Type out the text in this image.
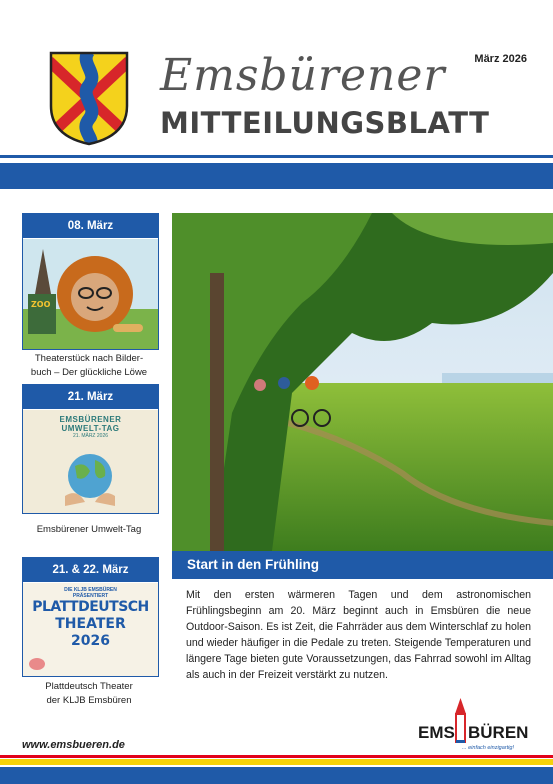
März 2026
Emsbürener
MITTEILUNGSBLATT
08. März
ZOO
Theaterstück nach Bilder-
buch – Der glückliche Löwe
21. März
EMSBÜRENER
UMWELT-TAG
21. MÄRZ 2026
Emsbürener Umwelt-Tag
21. & 22. März
DIE KLJB EMSBÜREN
PRÄSENTIERT
PLATTDEUTSCH
THEATER
2026
Plattdeutsch Theater
der KLJB Emsbüren
Start in den Frühling
Mit den ersten wärmeren Tagen und dem astronomischen Frühlingsbeginn am 20. März beginnt auch in Emsbüren die neue Outdoor-Saison. Es ist Zeit, die Fahrräder aus dem Winterschlaf zu holen und wieder häufiger in die Pedale zu treten. Steigende Temperaturen und längere Tage bieten gute Voraussetzungen, das Fahrrad sowohl im Alltag als auch in der Freizeit verstärkt zu nutzen.
www.emsbueren.de
EMS BÜREN
... einfach einzigartig!
